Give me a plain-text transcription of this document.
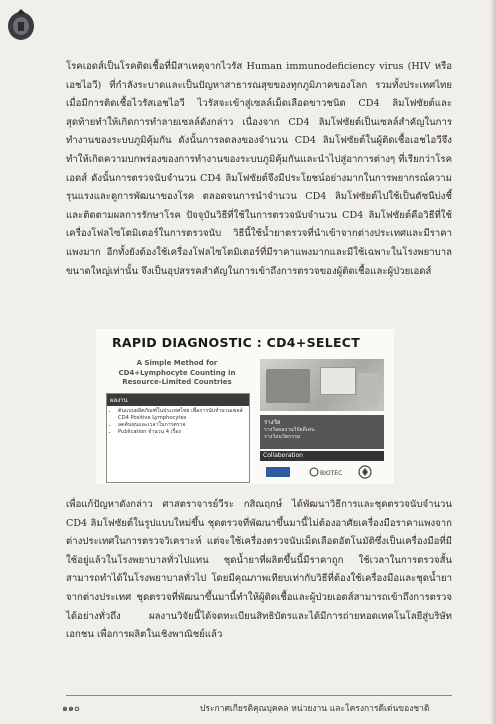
โรคเอดส์เป็นโรคติดเชื้อที่มีสาเหตุจากไวรัส Human immunodeficiency virus (HIV หรือเอชไอวี) ที่กำลังระบาดและเป็นปัญหาสาธารณสุขของทุกภูมิภาคของโลก รวมทั้งประเทศไทย เมื่อมีการติดเชื้อไวรัสเอชไอวี ไวรัสจะเข้าสู่เซลล์เม็ดเลือดขาวชนิด CD4 ลิมโฟซัยต์และสุดท้ายทำให้เกิดการทำลายเซลล์ดังกล่าว เนื่องจาก CD4 ลิมโฟซัยต์เป็นเซลล์สำคัญในการทำงานของระบบภูมิคุ้มกัน ดังนั้นการลดลงของจำนวน CD4 ลิมโฟซัยต์ในผู้ติดเชื้อเอชไอวีจึงทำให้เกิดความบกพร่องของการทำงานของระบบภูมิคุ้มกันและนำไปสู่อาการต่างๆ ที่เรียกว่าโรคเอดส์ ดังนั้นการตรวจนับจำนวน CD4 ลิมโฟซัยต์จึงมีประโยชน์อย่างมากในการพยากรณ์ความรุนแรงและดูการพัฒนาของโรค ตลอดจนการนำจำนวน CD4 ลิมโฟซัยต์ไปใช้เป็นดัชนีบ่งชี้และติดตามผลการรักษาโรค ปัจจุบันวิธีที่ใช้ในการตรวจนับจำนวน CD4 ลิมโฟซัยต์คือวิธีที่ใช้เครื่องโฟลไซโตมิเตอร์ในการตรวจนับ วิธีนี้ใช้น้ำยาตรวจที่นำเข้าจากต่างประเทศและมีราคาแพงมาก อีกทั้งยังต้องใช้เครื่องโฟลไซโตมิเตอร์ที่มีราคาแพงมากและมีใช้เฉพาะในโรงพยาบาลขนาดใหญ่เท่านั้น จึงเป็นอุปสรรคสำคัญในการเข้าถึงการตรวจของผู้ติดเชื้อและผู้ป่วยเอดส์

RAPID DIAGNOSTIC : CD4+SELECT
A Simple Method for CD4+Lymphocyte Counting in Resource-Limited Countries
ผลงาน
• ต้นแบบผลิตภัณฑ์ในประเทศไทย เพื่อการนับจำนวนเซลล์ CD4 Positive Lymphocytes
• ลดต้นทุนและเวลาในการตรวจ
• Publication จำนวน 4 เรื่อง
รางวัล
รางวัลผลงานวิจัยดีเด่น
รางวัลนวัตกรรม
Collaboration
BIOTEC

เพื่อแก้ปัญหาดังกล่าว ศาสตราจารย์วีระ กสิณฤกษ์ ได้พัฒนาวิธีการและชุดตรวจนับจำนวน CD4 ลิมโฟซัยต์ในรูปแบบใหม่ขึ้น ชุดตรวจที่พัฒนาขึ้นมานี้ไม่ต้องอาศัยเครื่องมือราคาแพงจากต่างประเทศในการตรวจวิเคราะห์ แต่จะใช้เครื่องตรวจนับเม็ดเลือดอัตโนมัติซึ่งเป็นเครื่องมือที่มีใช้อยู่แล้วในโรงพยาบาลทั่วไปแทน ชุดน้ำยาที่ผลิตขึ้นนี้มีราคาถูก ใช้เวลาในการตรวจสั้น สามารถทำได้ในโรงพยาบาลทั่วไป โดยมีคุณภาพเทียบเท่ากับวิธีที่ต้องใช้เครื่องมือและชุดน้ำยาจากต่างประเทศ ชุดตรวจที่พัฒนาขึ้นมานี้ทำให้ผู้ติดเชื้อและผู้ป่วยเอดส์สามารถเข้าถึงการตรวจได้อย่างทั่วถึง ผลงานวิจัยนี้ได้จดทะเบียนสิทธิบัตรและได้มีการถ่ายทอดเทคโนโลยีสู่บริษัทเอกชน เพื่อการผลิตในเชิงพาณิชย์แล้ว

๑๑๐	ประกาศเกียรติคุณบุคคล หน่วยงาน และโครงการดีเด่นของชาติ
